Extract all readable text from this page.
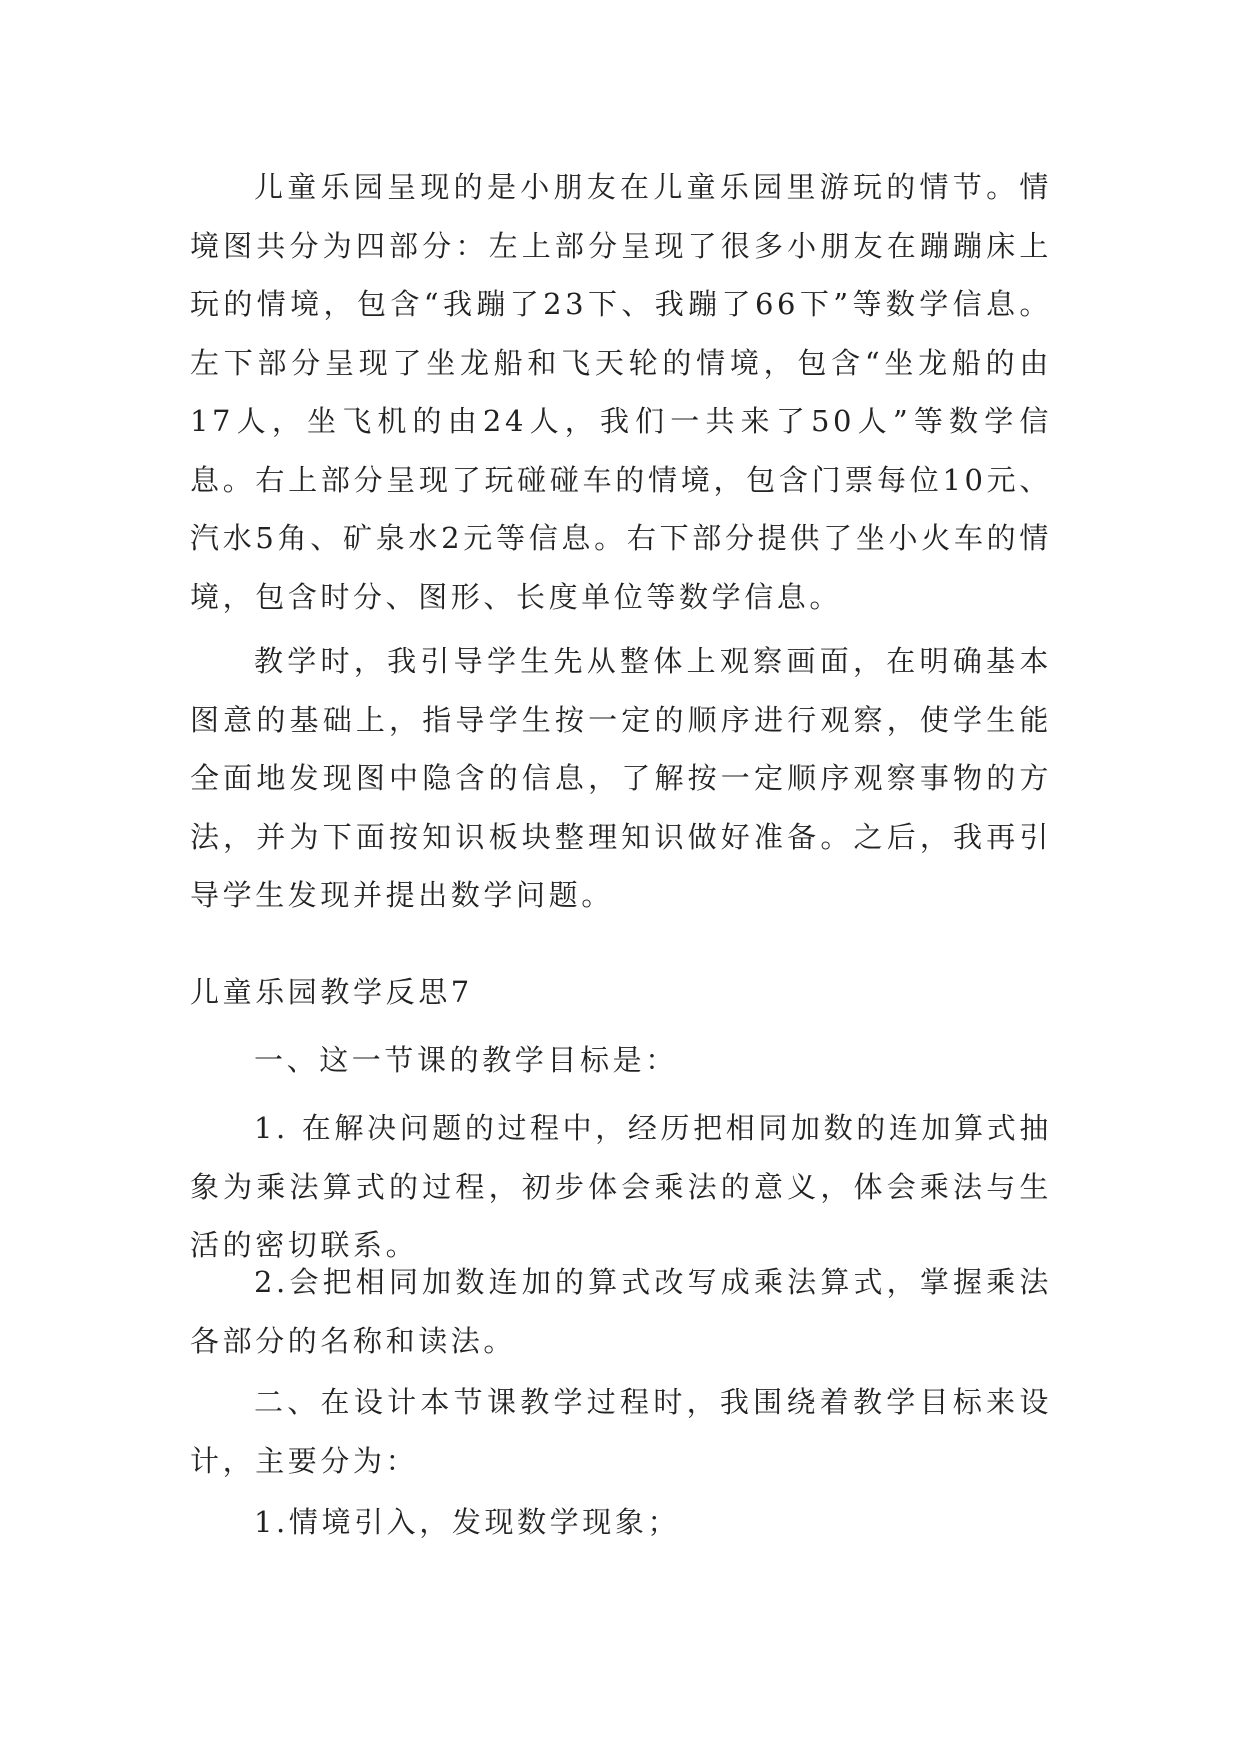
儿童乐园呈现的是小朋友在儿童乐园里游玩的情节。情境图共分为四部分：左上部分呈现了很多小朋友在蹦蹦床上玩的情境，包含“我蹦了23下、我蹦了66下”等数学信息。左下部分呈现了坐龙船和飞天轮的情境，包含“坐龙船的由17人，坐飞机的由24人，我们一共来了50人”等数学信息。右上部分呈现了玩碰碰车的情境，包含门票每位10元、汽水5角、矿泉水2元等信息。右下部分提供了坐小火车的情境，包含时分、图形、长度单位等数学信息。

教学时，我引导学生先从整体上观察画面，在明确基本图意的基础上，指导学生按一定的顺序进行观察，使学生能全面地发现图中隐含的信息，了解按一定顺序观察事物的方法，并为下面按知识板块整理知识做好准备。之后，我再引导学生发现并提出数学问题。

儿童乐园教学反思7

一、这一节课的教学目标是：

1. 在解决问题的过程中，经历把相同加数的连加算式抽象为乘法算式的过程，初步体会乘法的意义，体会乘法与生活的密切联系。

2.会把相同加数连加的算式改写成乘法算式，掌握乘法各部分的名称和读法。

二、在设计本节课教学过程时，我围绕着教学目标来设计，主要分为：

1.情境引入，发现数学现象；
